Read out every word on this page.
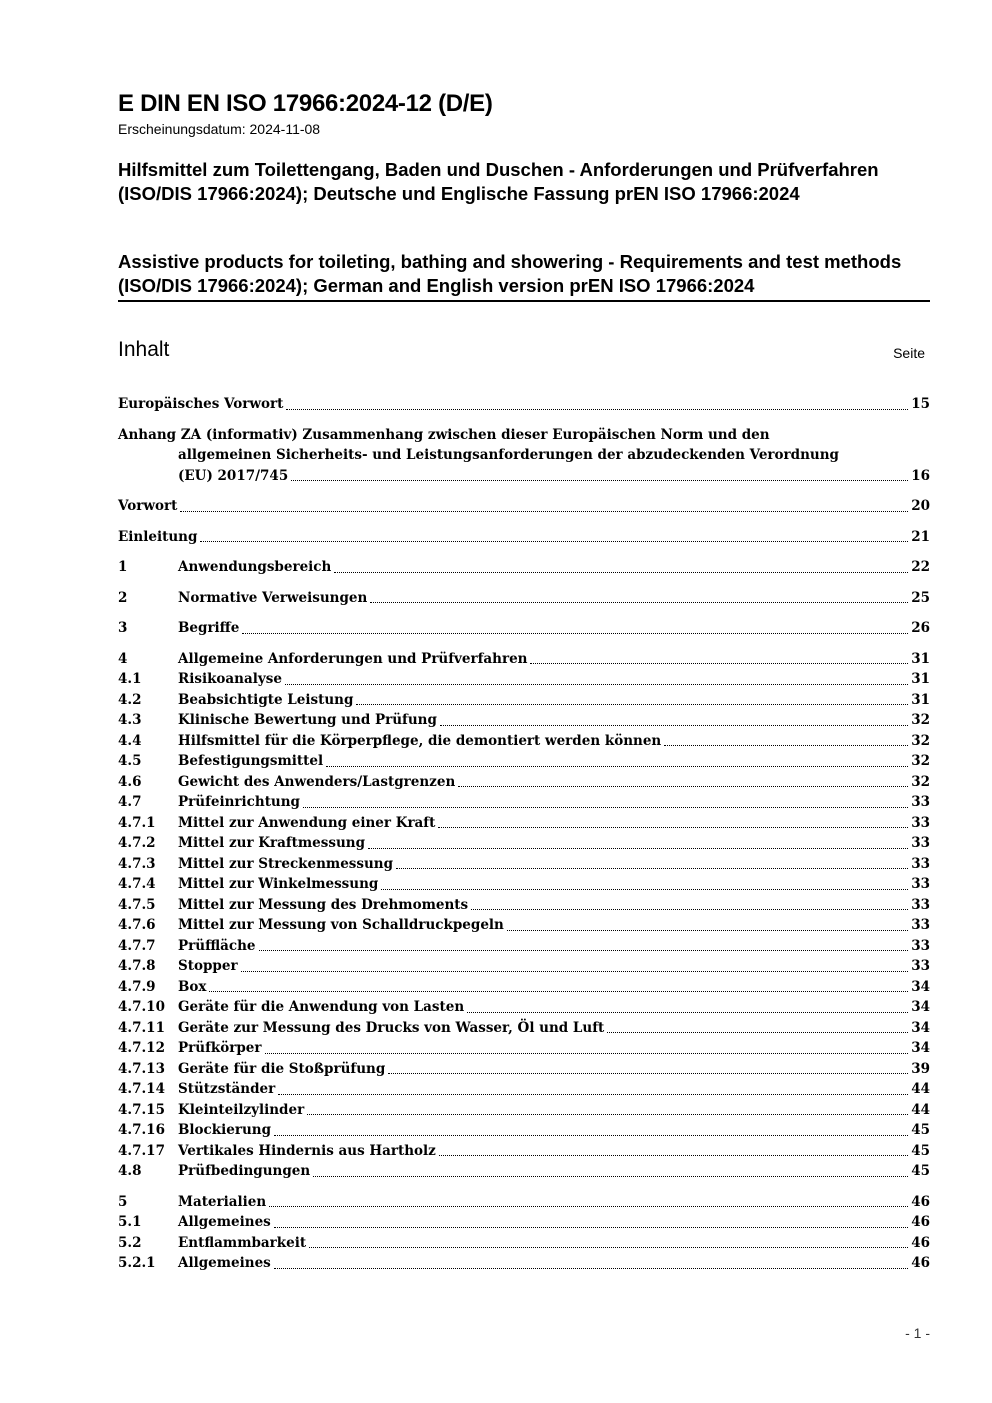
E DIN EN ISO 17966:2024-12 (D/E)
Erscheinungsdatum: 2024-11-08
Hilfsmittel zum Toilettengang, Baden und Duschen - Anforderungen und Prüfverfahren (ISO/DIS 17966:2024); Deutsche und Englische Fassung prEN ISO 17966:2024
Assistive products for toileting, bathing and showering - Requirements and test methods (ISO/DIS 17966:2024); German and English version prEN ISO 17966:2024
Inhalt	Seite
Europäisches Vorwort	15
Anhang ZA (informativ) Zusammenhang zwischen dieser Europäischen Norm und den
allgemeinen Sicherheits- und Leistungsanforderungen der abzudeckenden Verordnung
(EU) 2017/745	16
Vorwort	20
Einleitung	21
1	Anwendungsbereich	22
2	Normative Verweisungen	25
3	Begriffe	26
4	Allgemeine Anforderungen und Prüfverfahren	31
4.1	Risikoanalyse	31
4.2	Beabsichtigte Leistung	31
4.3	Klinische Bewertung und Prüfung	32
4.4	Hilfsmittel für die Körperpflege, die demontiert werden können	32
4.5	Befestigungsmittel	32
4.6	Gewicht des Anwenders/Lastgrenzen	32
4.7	Prüfeinrichtung	33
4.7.1	Mittel zur Anwendung einer Kraft	33
4.7.2	Mittel zur Kraftmessung	33
4.7.3	Mittel zur Streckenmessung	33
4.7.4	Mittel zur Winkelmessung	33
4.7.5	Mittel zur Messung des Drehmoments	33
4.7.6	Mittel zur Messung von Schalldruckpegeln	33
4.7.7	Prüffläche	33
4.7.8	Stopper	33
4.7.9	Box	34
4.7.10 Geräte für die Anwendung von Lasten	34
4.7.11 Geräte zur Messung des Drucks von Wasser, Öl und Luft	34
4.7.12 Prüfkörper	34
4.7.13 Geräte für die Stoßprüfung	39
4.7.14 Stützständer	44
4.7.15 Kleinteilzylinder	44
4.7.16 Blockierung	45
4.7.17 Vertikales Hindernis aus Hartholz	45
4.8	Prüfbedingungen	45
5	Materialien	46
5.1	Allgemeines	46
5.2	Entflammbarkeit	46
5.2.1	Allgemeines	46
- 1 -
